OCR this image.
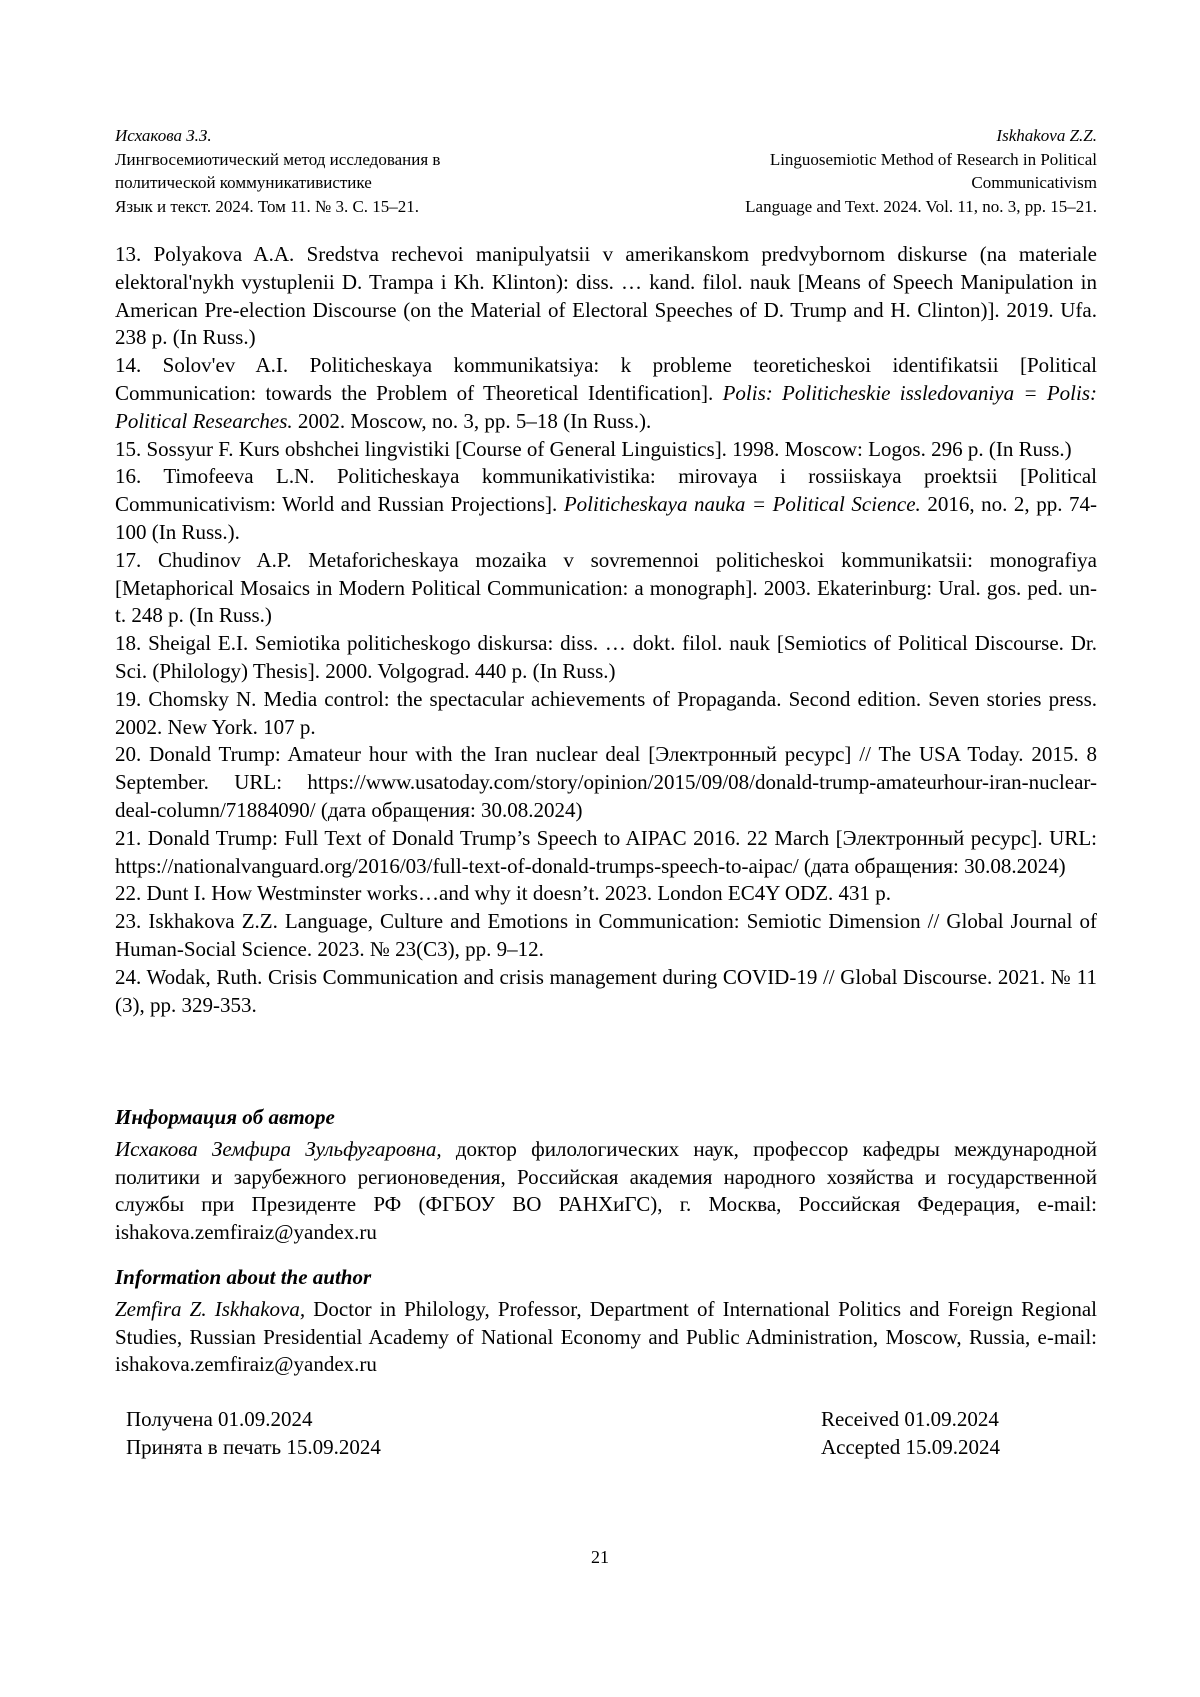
Исхакова З.З.
Лингвосемиотический метод исследования в
политической коммуникативистике
Язык и текст. 2024. Том 11. № 3. С. 15–21.
Iskhakova Z.Z.
Linguosemiotic Method of Research in Political
Communicativism
Language and Text. 2024. Vol. 11, no. 3, pp. 15–21.

13. Polyakova A.A. Sredstva rechevoi manipulyatsii v amerikanskom predvybornom diskurse (na materiale elektoral'nykh vystuplenii D. Trampa i Kh. Klinton): diss. … kand. filol. nauk [Means of Speech Manipulation in American Pre-election Discourse (on the Material of Electoral Speeches of D. Trump and H. Clinton)]. 2019. Ufa. 238 p. (In Russ.)

14. Solov'ev A.I. Politicheskaya kommunikatsiya: k probleme teoreticheskoi identifikatsii [Political Communication: towards the Problem of Theoretical Identification]. Polis: Politicheskie issledovaniya = Polis: Political Researches. 2002. Moscow, no. 3, pp. 5–18 (In Russ.).

15. Sossyur F. Kurs obshchei lingvistiki [Course of General Linguistics]. 1998. Moscow: Logos. 296 p. (In Russ.)

16. Timofeeva L.N. Politicheskaya kommunikativistika: mirovaya i rossiiskaya proektsii [Political Communicativism: World and Russian Projections]. Politicheskaya nauka = Political Science. 2016, no. 2, pp. 74-100 (In Russ.).

17. Chudinov A.P. Metaforicheskaya mozaika v sovremennoi politicheskoi kommunikatsii: monografiya [Metaphorical Mosaics in Modern Political Communication: a monograph]. 2003. Ekaterinburg: Ural. gos. ped. un-t. 248 p. (In Russ.)

18. Sheigal E.I. Semiotika politicheskogo diskursa: diss. … dokt. filol. nauk [Semiotics of Political Discourse. Dr. Sci. (Philology) Thesis]. 2000. Volgograd. 440 p. (In Russ.)

19. Chomsky N. Media control: the spectacular achievements of Propaganda. Second edition. Seven stories press. 2002. New York. 107 p.

20. Donald Trump: Amateur hour with the Iran nuclear deal [Электронный ресурс] // The USA Today. 2015. 8 September. URL: https://www.usatoday.com/story/opinion/2015/09/08/donald-trump-amateurhour-iran-nuclear-deal-column/71884090/ (дата обращения: 30.08.2024)

21. Donald Trump: Full Text of Donald Trump’s Speech to AIPAC 2016. 22 March [Электронный ресурс]. URL: https://nationalvanguard.org/2016/03/full-text-of-donald-trumps-speech-to-aipac/ (дата обращения: 30.08.2024)

22. Dunt I. How Westminster works…and why it doesn’t. 2023. London EC4Y ODZ. 431 p.

23. Iskhakova Z.Z. Language, Culture and Emotions in Communication: Semiotic Dimension // Global Journal of Human-Social Science. 2023. № 23(C3), pp. 9–12.

24. Wodak, Ruth. Crisis Communication and crisis management during COVID-19 // Global Discourse. 2021. № 11 (3), pp. 329-353.

Информация об авторе

Исхакова Земфира Зульфугаровна, доктор филологических наук, профессор кафедры международной политики и зарубежного регионоведения, Российская академия народного хозяйства и государственной службы при Президенте РФ (ФГБОУ ВО РАНХиГС), г. Москва, Российская Федерация, e-mail: ishakova.zemfiraiz@yandex.ru

Information about the author

Zemfira Z. Iskhakova, Doctor in Philology, Professor, Department of International Politics and Foreign Regional Studies, Russian Presidential Academy of National Economy and Public Administration, Moscow, Russia, e-mail: ishakova.zemfiraiz@yandex.ru

Получена 01.09.2024
Принята в печать 15.09.2024
Received 01.09.2024
Accepted 15.09.2024
21
